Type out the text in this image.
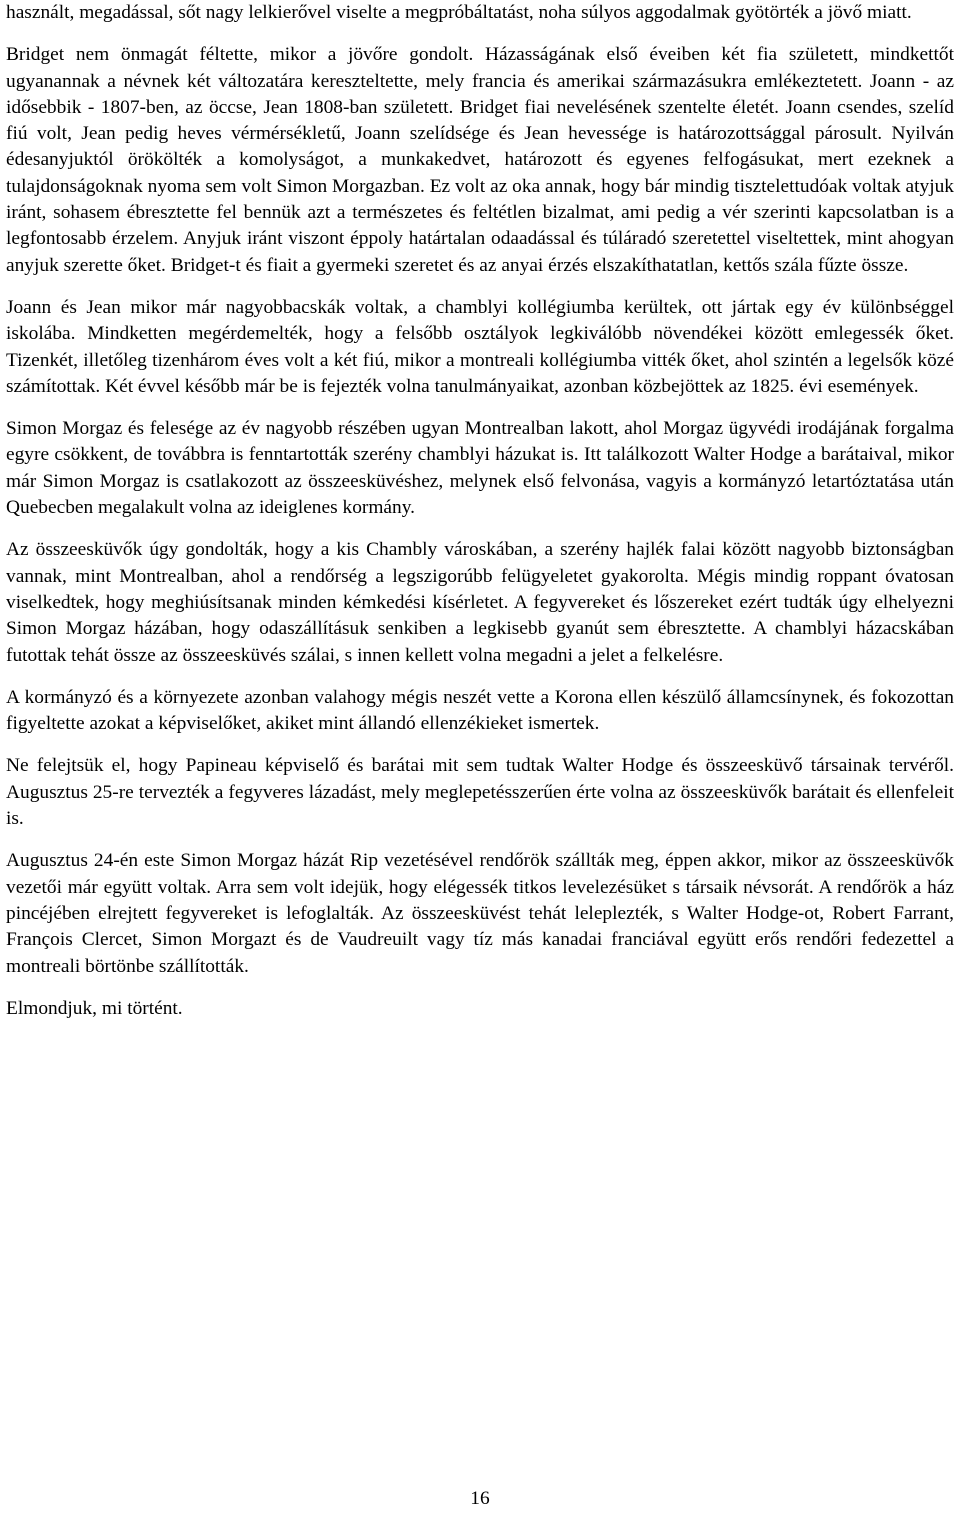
használt, megadással, sőt nagy lelkierővel viselte a megpróbáltatást, noha súlyos aggodalmak gyötörték a jövő miatt.

Bridget nem önmagát féltette, mikor a jövőre gondolt. Házasságának első éveiben két fia született, mindkettőt ugyanannak a névnek két változatára kereszteltette, mely francia és amerikai származásukra emlékeztetett. Joann - az idősebbik - 1807-ben, az öccse, Jean 1808-ban született. Bridget fiai nevelésének szentelte életét. Joann csendes, szelíd fiú volt, Jean pedig heves vérmérsékletű, Joann szelídsége és Jean hevessége is határozottsággal párosult. Nyilván édesanyjuktól örökölték a komolyságot, a munkakedvet, határozott és egyenes felfogásukat, mert ezeknek a tulajdonságoknak nyoma sem volt Simon Morgazban. Ez volt az oka annak, hogy bár mindig tisztelettudóak voltak atyjuk iránt, sohasem ébresztette fel bennük azt a természetes és feltétlen bizalmat, ami pedig a vér szerinti kapcsolatban is a legfontosabb érzelem. Anyjuk iránt viszont éppoly határtalan odaadással és túláradó szeretettel viseltettek, mint ahogyan anyjuk szerette őket. Bridget-t és fiait a gyermeki szeretet és az anyai érzés elszakíthatatlan, kettős szála fűzte össze.

Joann és Jean mikor már nagyobbacskák voltak, a chamblyi kollégiumba kerültek, ott jártak egy év különbséggel iskolába. Mindketten megérdemelték, hogy a felsőbb osztályok legkiválóbb növendékei között emlegessék őket. Tizenkét, illetőleg tizenhárom éves volt a két fiú, mikor a montreali kollégiumba vitték őket, ahol szintén a legelsők közé számítottak. Két évvel később már be is fejezték volna tanulmányaikat, azonban közbejöttek az 1825. évi események.

Simon Morgaz és felesége az év nagyobb részében ugyan Montrealban lakott, ahol Morgaz ügyvédi irodájának forgalma egyre csökkent, de továbbra is fenntartották szerény chamblyi házukat is. Itt találkozott Walter Hodge a barátaival, mikor már Simon Morgaz is csatlakozott az összeesküvéshez, melynek első felvonása, vagyis a kormányzó letartóztatása után Quebecben megalakult volna az ideiglenes kormány.

Az összeesküvők úgy gondolták, hogy a kis Chambly városkában, a szerény hajlék falai között nagyobb biztonságban vannak, mint Montrealban, ahol a rendőrség a legszigorúbb felügyeletet gyakorolta. Mégis mindig roppant óvatosan viselkedtek, hogy meghiúsítsanak minden kémkedési kísérletet. A fegyvereket és lőszereket ezért tudták úgy elhelyezni Simon Morgaz házában, hogy odaszállításuk senkiben a legkisebb gyanút sem ébresztette. A chamblyi házacskában futottak tehát össze az összeesküvés szálai, s innen kellett volna megadni a jelet a felkelésre.

A kormányzó és a környezete azonban valahogy mégis neszét vette a Korona ellen készülő államcsínynek, és fokozottan figyeltette azokat a képviselőket, akiket mint állandó ellenzékieket ismertek.

Ne felejtsük el, hogy Papineau képviselő és barátai mit sem tudtak Walter Hodge és összeesküvő társainak tervéről. Augusztus 25-re tervezték a fegyveres lázadást, mely meglepetésszerűen érte volna az összeesküvők barátait és ellenfeleit is.

Augusztus 24-én este Simon Morgaz házát Rip vezetésével rendőrök szállták meg, éppen akkor, mikor az összeesküvők vezetői már együtt voltak. Arra sem volt idejük, hogy elégessék titkos levelezésüket s társaik névsorát. A rendőrök a ház pincéjében elrejtett fegyvereket is lefoglalták. Az összeesküvést tehát leleplezték, s Walter Hodge-ot, Robert Farrant, François Clercet, Simon Morgazt és de Vaudreuilt vagy tíz más kanadai franciával együtt erős rendőri fedezettel a montreali börtönbe szállították.

Elmondjuk, mi történt.

16
